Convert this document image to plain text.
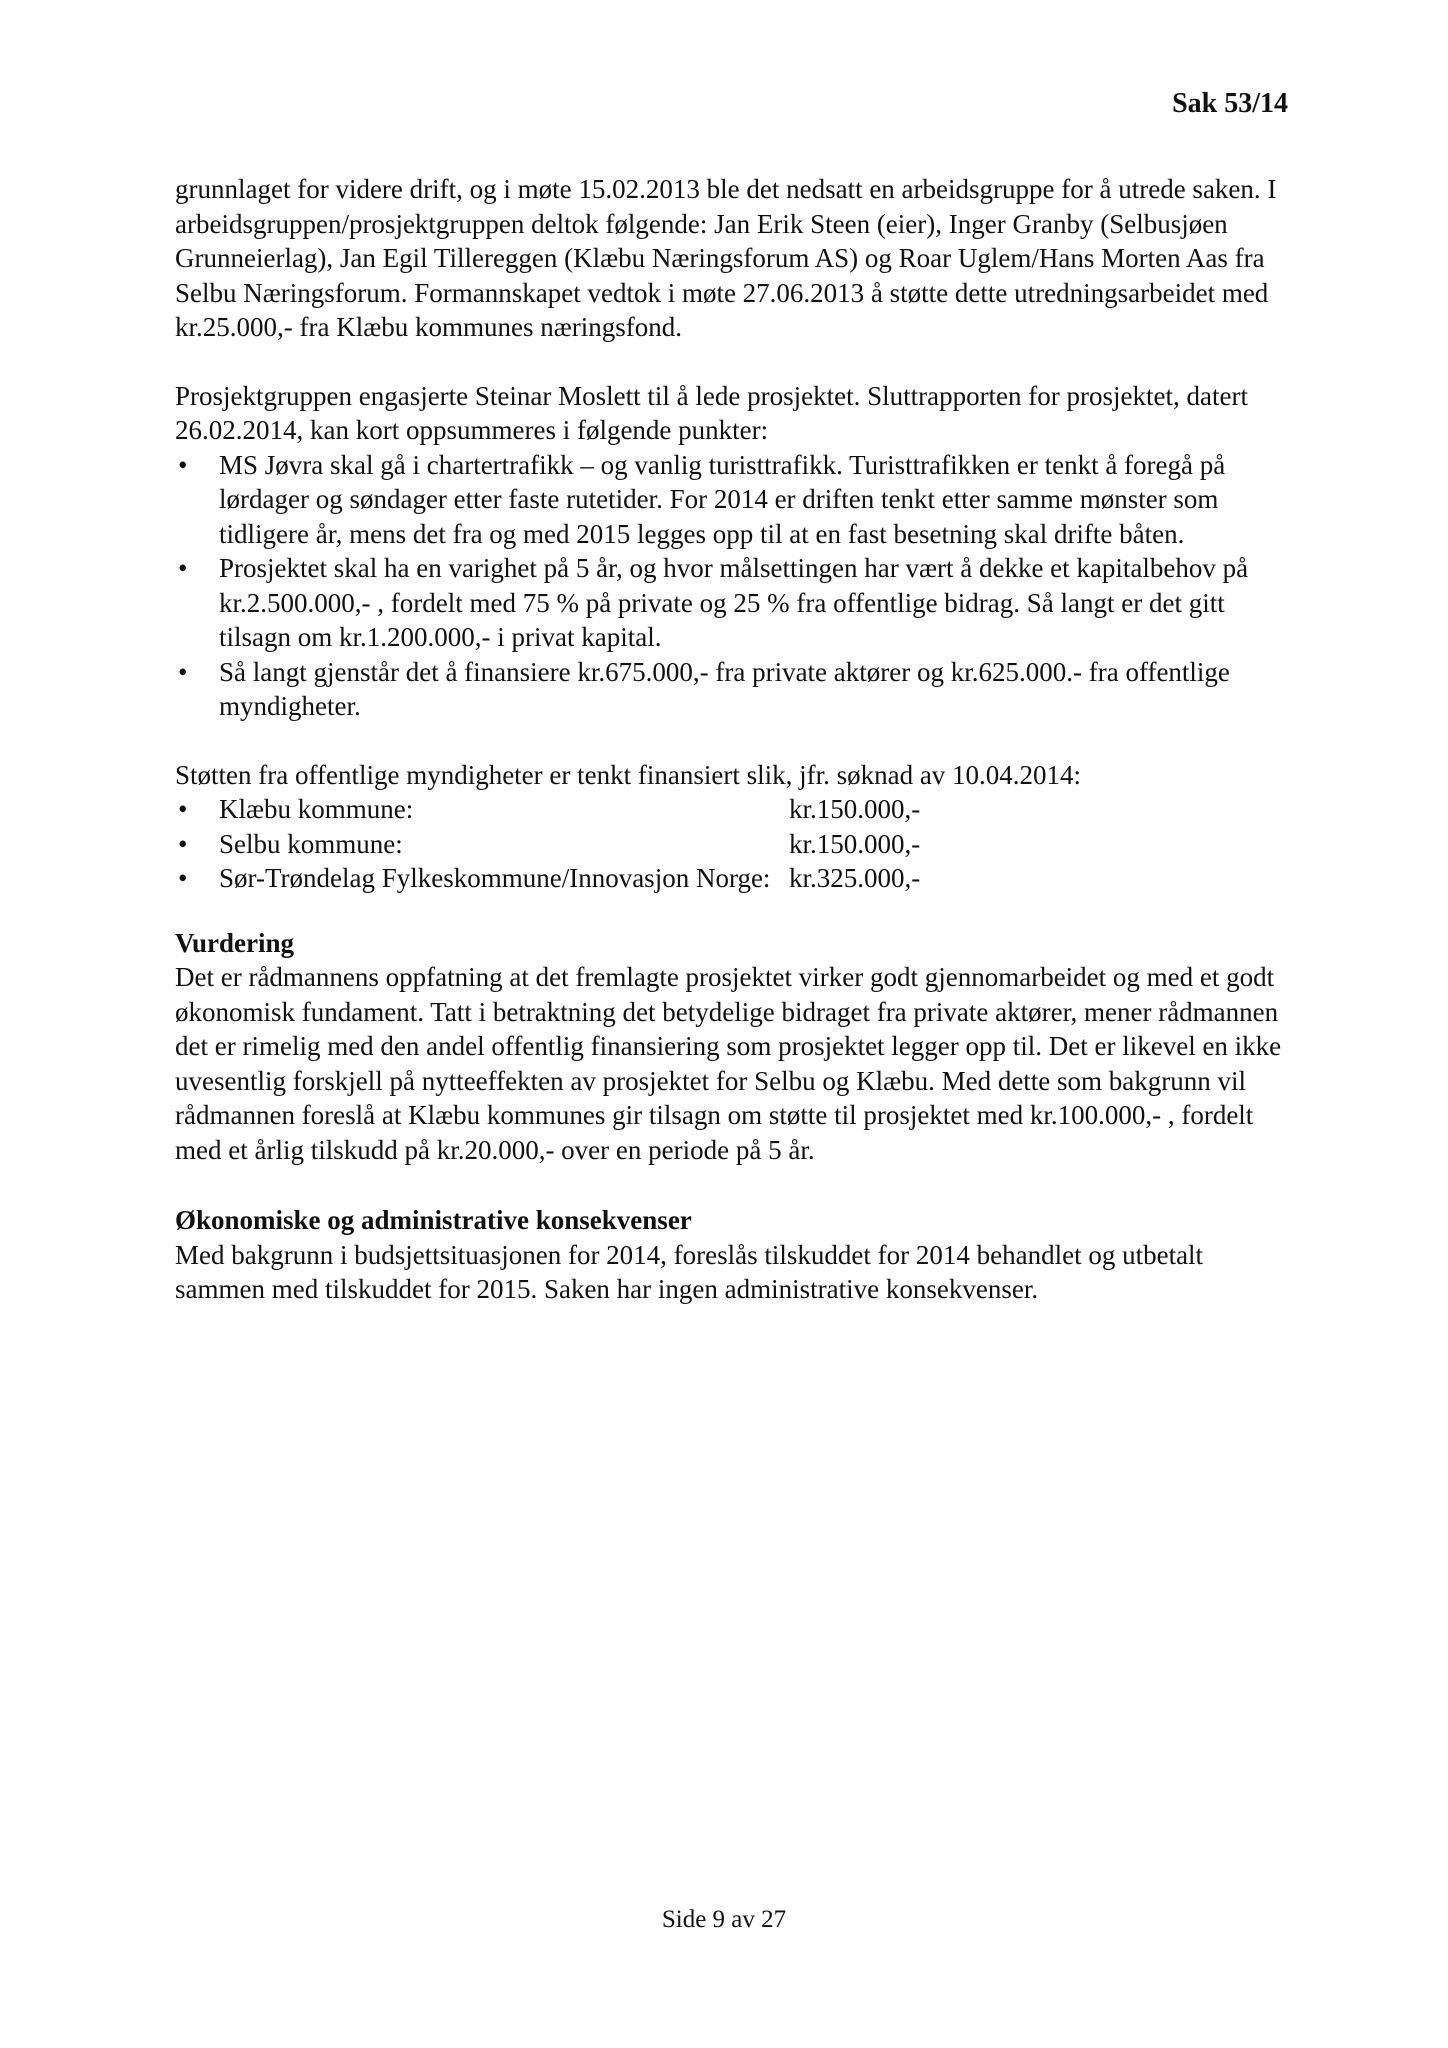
Sak 53/14

grunnlaget for videre drift, og i møte 15.02.2013 ble det nedsatt en arbeidsgruppe for å utrede saken. I arbeidsgruppen/prosjektgruppen deltok følgende: Jan Erik Steen (eier), Inger Granby (Selbusjøen Grunneierlag), Jan Egil Tillereggen (Klæbu Næringsforum AS) og Roar Uglem/Hans Morten Aas fra Selbu Næringsforum. Formannskapet vedtok i møte 27.06.2013 å støtte dette utredningsarbeidet med kr.25.000,- fra Klæbu kommunes næringsfond.

Prosjektgruppen engasjerte Steinar Moslett til å lede prosjektet. Sluttrapporten for prosjektet, datert 26.02.2014, kan kort oppsummeres i følgende punkter:

• MS Jøvra skal gå i chartertrafikk – og vanlig turisttrafikk. Turisttrafikken er tenkt å foregå på lørdager og søndager etter faste rutetider. For 2014 er driften tenkt etter samme mønster som tidligere år, mens det fra og med 2015 legges opp til at en fast besetning skal drifte båten.
• Prosjektet skal ha en varighet på 5 år, og hvor målsettingen har vært å dekke et kapitalbehov på kr.2.500.000,- , fordelt med 75 % på private og 25 % fra offentlige bidrag. Så langt er det gitt tilsagn om kr.1.200.000,- i privat kapital.
• Så langt gjenstår det å finansiere kr.675.000,- fra private aktører og kr.625.000.- fra offentlige myndigheter.

Støtten fra offentlige myndigheter er tenkt finansiert slik, jfr. søknad av 10.04.2014:

• Klæbu kommune:	kr.150.000,-
• Selbu kommune:	kr.150.000,-
• Sør-Trøndelag Fylkeskommune/Innovasjon Norge: kr.325.000,-

Vurdering

Det er rådmannens oppfatning at det fremlagte prosjektet virker godt gjennomarbeidet og med et godt økonomisk fundament. Tatt i betraktning det betydelige bidraget fra private aktører, mener rådmannen det er rimelig med den andel offentlig finansiering som prosjektet legger opp til. Det er likevel en ikke uvesentlig forskjell på nytteeffekten av prosjektet for Selbu og Klæbu. Med dette som bakgrunn vil rådmannen foreslå at Klæbu kommunes gir tilsagn om støtte til prosjektet med kr.100.000,- , fordelt med et årlig tilskudd på kr.20.000,- over en periode på 5 år.

Økonomiske og administrative konsekvenser

Med bakgrunn i budsjettsituasjonen for 2014, foreslås tilskuddet for 2014 behandlet og utbetalt sammen med tilskuddet for 2015. Saken har ingen administrative konsekvenser.

Side 9 av 27
